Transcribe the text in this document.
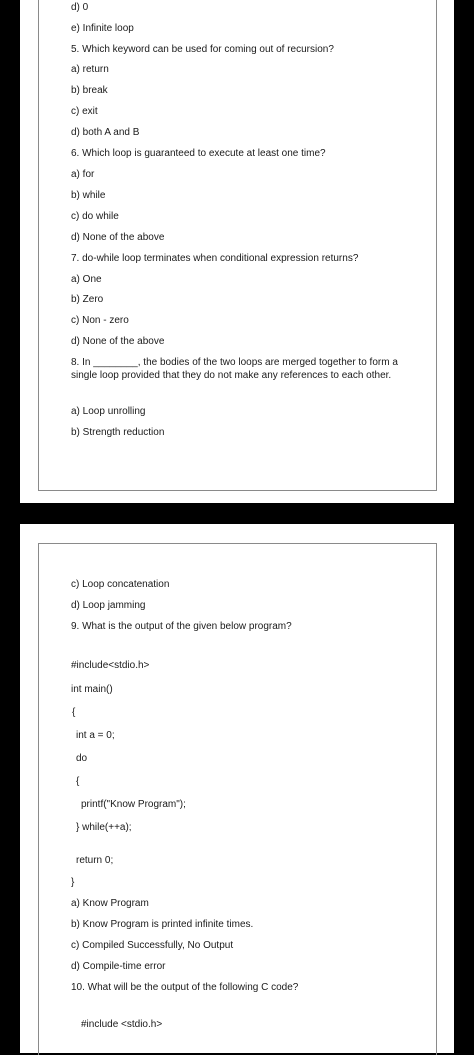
d) 0
e) Infinite loop
5. Which keyword can be used for coming out of recursion?
a) return
b) break
c) exit
d) both A and B
6. Which loop is guaranteed to execute at least one time?
a) for
b) while
c) do while
d) None of the above
7. do-while loop terminates when conditional expression returns?
a) One
b) Zero
c) Non - zero
d) None of the above
8. In ________, the bodies of the two loops are merged together to form a single loop provided that they do not make any references to each other.
a) Loop unrolling
b) Strength reduction
c) Loop concatenation
d) Loop jamming
9. What is the output of the given below program?
#include<stdio.h>
int main()
{
int a = 0;
do
{
printf("Know Program");
} while(++a);
return 0;
}
a) Know Program
b) Know Program is printed infinite times.
c) Compiled Successfully, No Output
d) Compile-time error
10. What will be the output of the following C code?
#include <stdio.h>
